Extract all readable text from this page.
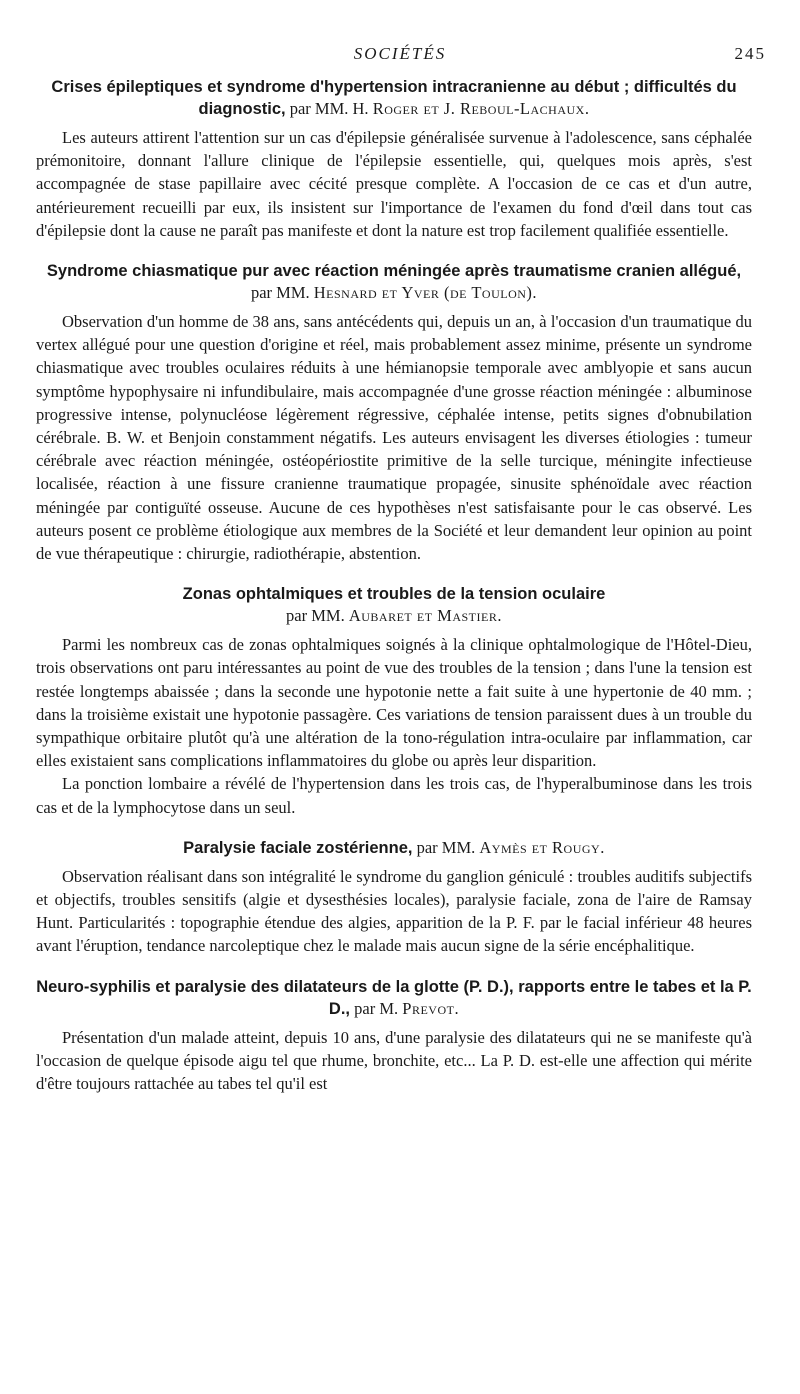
SOCIÉTÉS	245
Crises épileptiques et syndrome d'hypertension intracranienne au début ; difficultés du diagnostic, par MM. H. Roger et J. Reboul-Lachaux.

Les auteurs attirent l'attention sur un cas d'épilepsie généralisée survenue à l'adolescence, sans céphalée prémonitoire, donnant l'allure clinique de l'épilepsie essentielle, qui, quelques mois après, s'est accompagnée de stase papillaire avec cécité presque complète. A l'occasion de ce cas et d'un autre, antérieurement recueilli par eux, ils insistent sur l'importance de l'examen du fond d'œil dans tout cas d'épilepsie dont la cause ne paraît pas manifeste et dont la nature est trop facilement qualifiée essentielle.

Syndrome chiasmatique pur avec réaction méningée après traumatisme cranien allégué, par MM. Hesnard et Yver (de Toulon).

Observation d'un homme de 38 ans, sans antécédents qui, depuis un an, à l'occasion d'un traumatique du vertex allégué pour une question d'origine et réel, mais probablement assez minime, présente un syndrome chiasmatique avec troubles oculaires réduits à une hémianopsie temporale avec amblyopie et sans aucun symptôme hypophysaire ni infundibulaire, mais accompagnée d'une grosse réaction méningée : albuminose progressive intense, polynucléose légèrement régressive, céphalée intense, petits signes d'obnubilation cérébrale. B. W. et Benjoin constamment négatifs. Les auteurs envisagent les diverses étiologies : tumeur cérébrale avec réaction méningée, ostéopériostite primitive de la selle turcique, méningite infectieuse localisée, réaction à une fissure cranienne traumatique propagée, sinusite sphénoïdale avec réaction méningée par contiguïté osseuse. Aucune de ces hypothèses n'est satisfaisante pour le cas observé. Les auteurs posent ce problème étiologique aux membres de la Société et leur demandent leur opinion au point de vue thérapeutique : chirurgie, radiothérapie, abstention.

Zonas ophtalmiques et troubles de la tension oculaire
par MM. Aubaret et Mastier.

Parmi les nombreux cas de zonas ophtalmiques soignés à la clinique ophtalmologique de l'Hôtel-Dieu, trois observations ont paru intéressantes au point de vue des troubles de la tension ; dans l'une la tension est restée longtemps abaissée ; dans la seconde une hypotonie nette a fait suite à une hypertonie de 40 mm. ; dans la troisième existait une hypotonie passagère. Ces variations de tension paraissent dues à un trouble du sympathique orbitaire plutôt qu'à une altération de la tono-régulation intra-oculaire par inflammation, car elles existaient sans complications inflammatoires du globe ou après leur disparition.

La ponction lombaire a révélé de l'hypertension dans les trois cas, de l'hyperalbuminose dans les trois cas et de la lymphocytose dans un seul.

Paralysie faciale zostérienne, par MM. Aymès et Rougy.

Observation réalisant dans son intégralité le syndrome du ganglion géniculé : troubles auditifs subjectifs et objectifs, troubles sensitifs (algie et dysesthésies locales), paralysie faciale, zona de l'aire de Ramsay Hunt. Particularités : topographie étendue des algies, apparition de la P. F. par le facial inférieur 48 heures avant l'éruption, tendance narcoleptique chez le malade mais aucun signe de la série encéphalitique.

Neuro-syphilis et paralysie des dilatateurs de la glotte (P. D.), rapports entre le tabes et la P. D., par M. Prevot.

Présentation d'un malade atteint, depuis 10 ans, d'une paralysie des dilatateurs qui ne se manifeste qu'à l'occasion de quelque épisode aigu tel que rhume, bronchite, etc... La P. D. est-elle une affection qui mérite d'être toujours rattachée au tabes tel qu'il est
